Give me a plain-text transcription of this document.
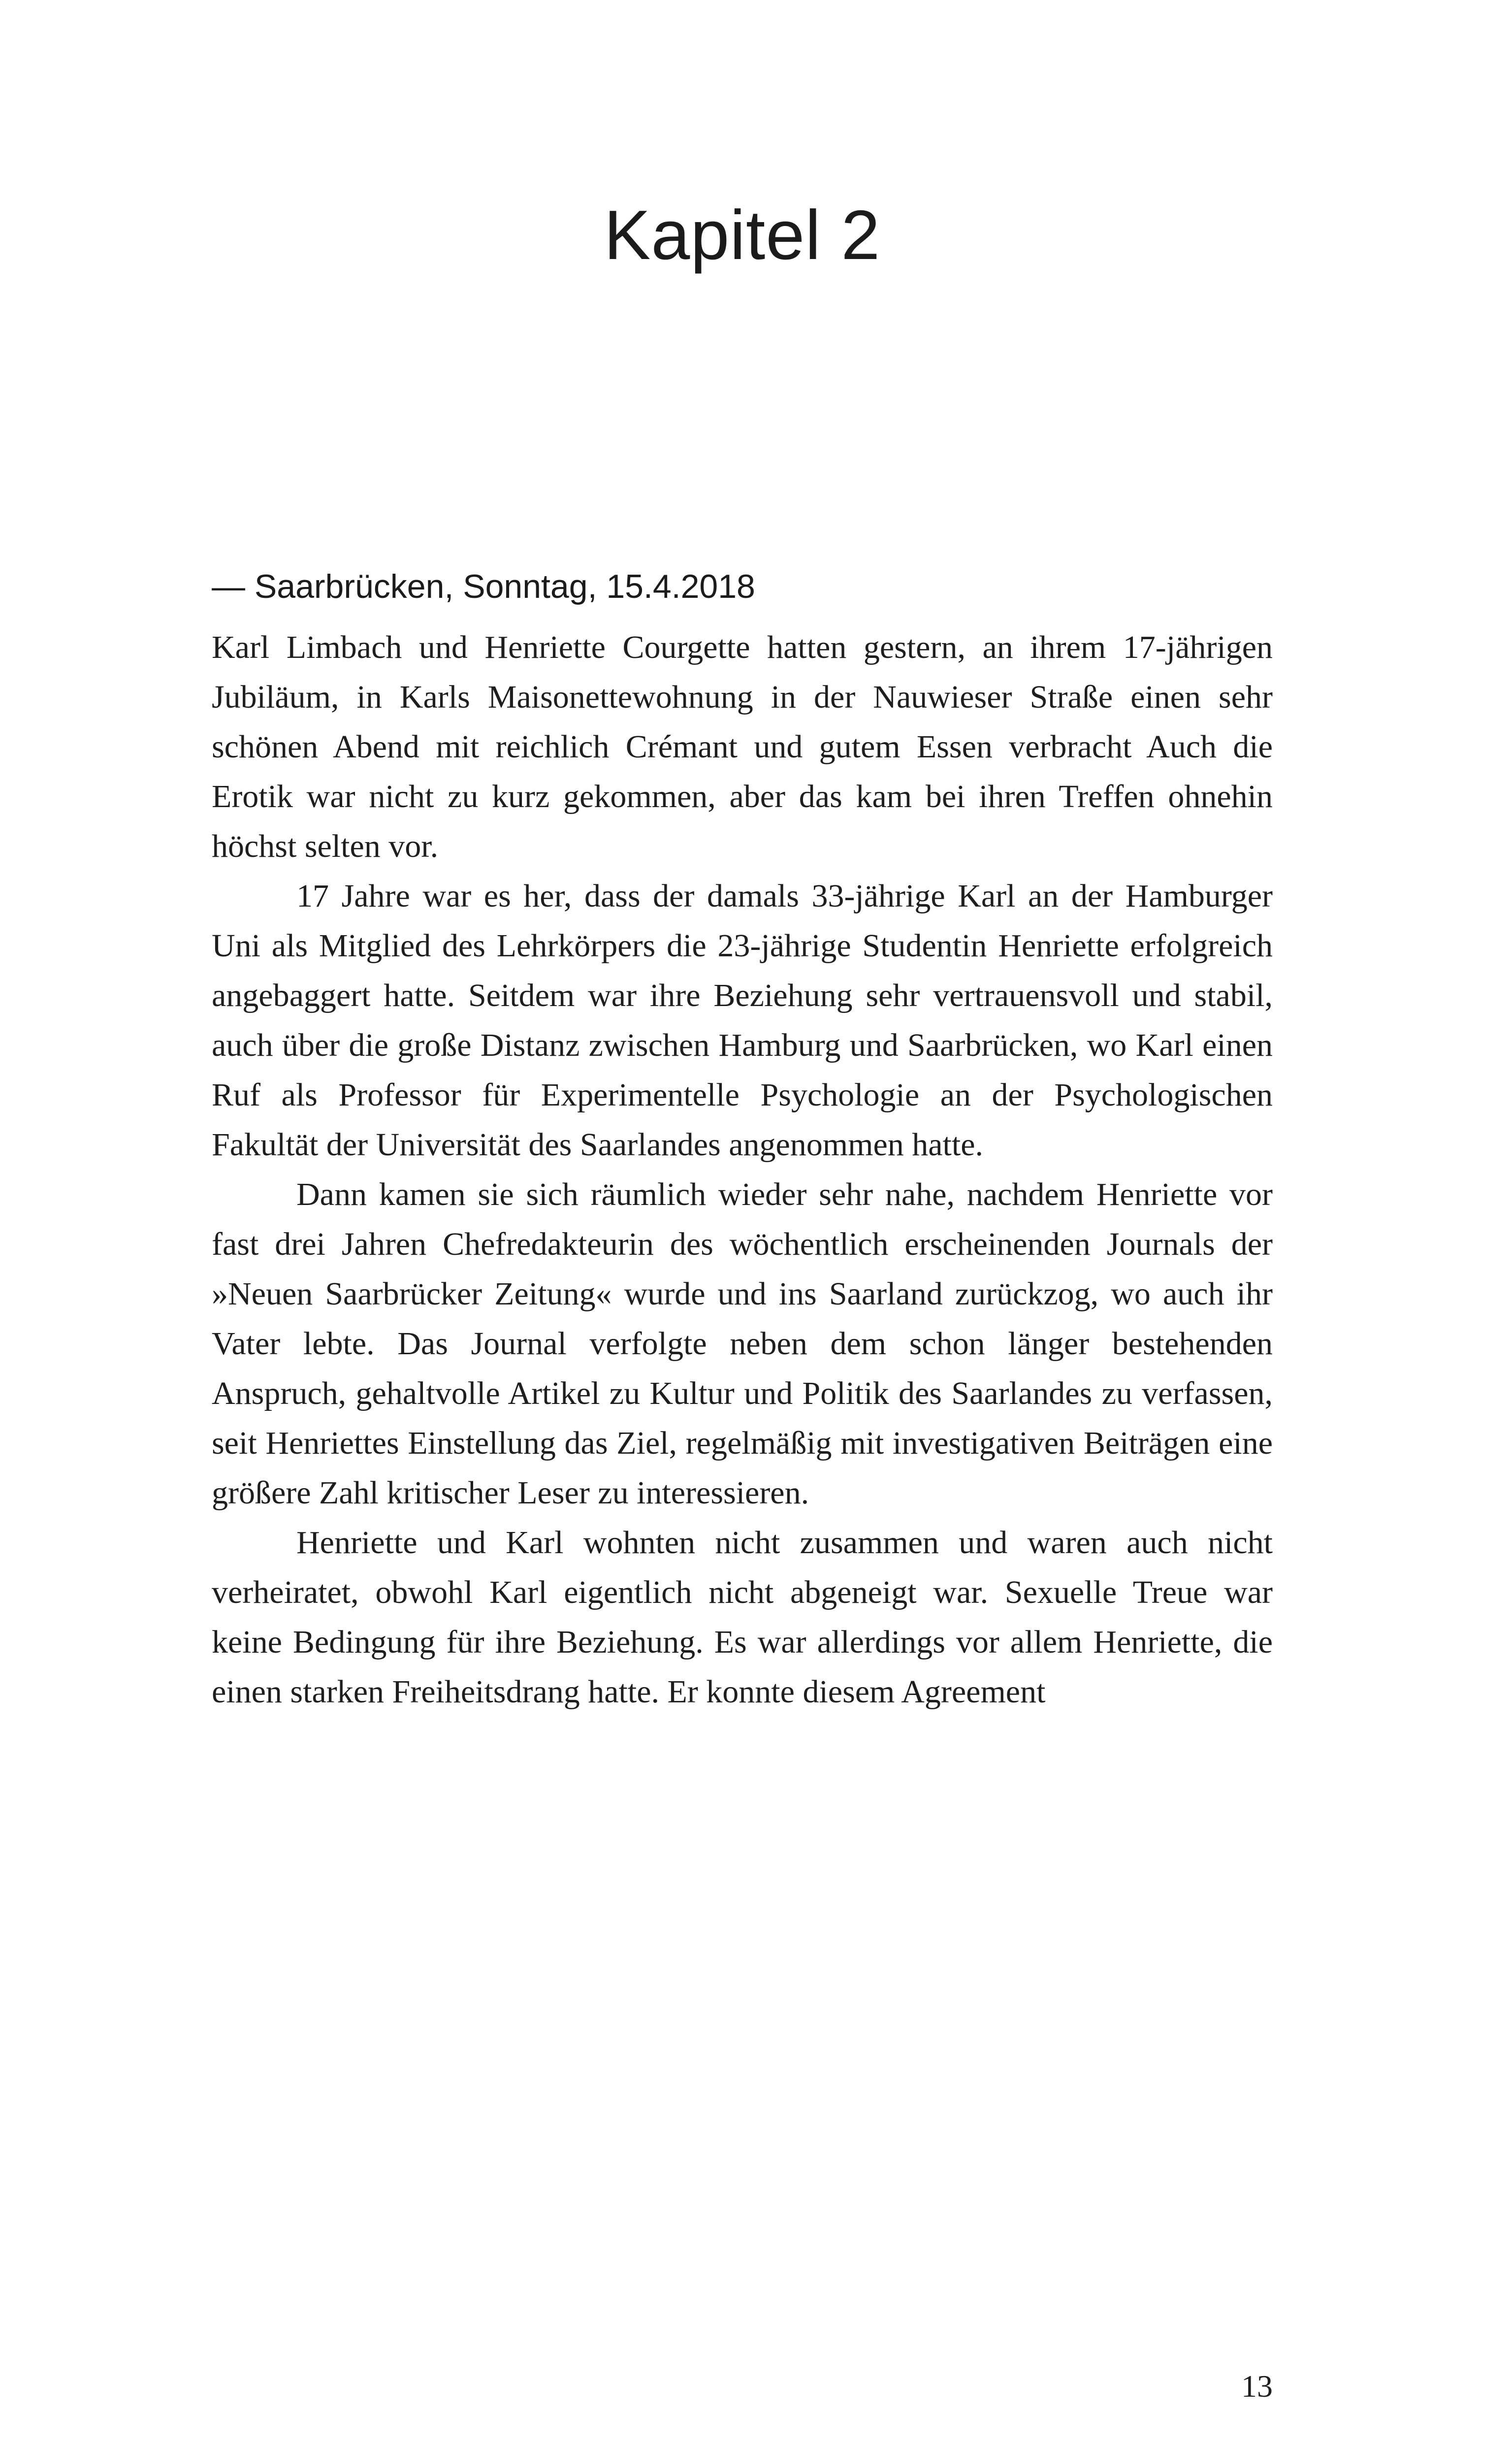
Kapitel 2
— Saarbrücken, Sonntag, 15.4.2018

Karl Limbach und Henriette Courgette hatten gestern, an ihrem 17-jährigen Jubiläum, in Karls Maisonettewohnung in der Nauwieser Straße einen sehr schönen Abend mit reichlich Crémant und gutem Essen verbracht Auch die Erotik war nicht zu kurz gekommen, aber das kam bei ihren Treffen ohnehin höchst selten vor.

17 Jahre war es her, dass der damals 33-jährige Karl an der Hamburger Uni als Mitglied des Lehrkörpers die 23-jährige Studentin Henriette erfolgreich angebaggert hatte. Seitdem war ihre Beziehung sehr vertrauensvoll und stabil, auch über die große Distanz zwischen Hamburg und Saarbrücken, wo Karl einen Ruf als Professor für Experimentelle Psychologie an der Psychologischen Fakultät der Universität des Saarlandes angenommen hatte.

Dann kamen sie sich räumlich wieder sehr nahe, nachdem Henriette vor fast drei Jahren Chefredakteurin des wöchentlich erscheinenden Journals der »Neuen Saarbrücker Zeitung« wurde und ins Saarland zurückzog, wo auch ihr Vater lebte. Das Journal verfolgte neben dem schon länger bestehenden Anspruch, gehaltvolle Artikel zu Kultur und Politik des Saarlandes zu verfassen, seit Henriettes Einstellung das Ziel, regelmäßig mit investigativen Beiträgen eine größere Zahl kritischer Leser zu interessieren.

Henriette und Karl wohnten nicht zusammen und waren auch nicht verheiratet, obwohl Karl eigentlich nicht abgeneigt war. Sexuelle Treue war keine Bedingung für ihre Beziehung. Es war allerdings vor allem Henriette, die einen starken Freiheitsdrang hatte. Er konnte diesem Agreement

13
